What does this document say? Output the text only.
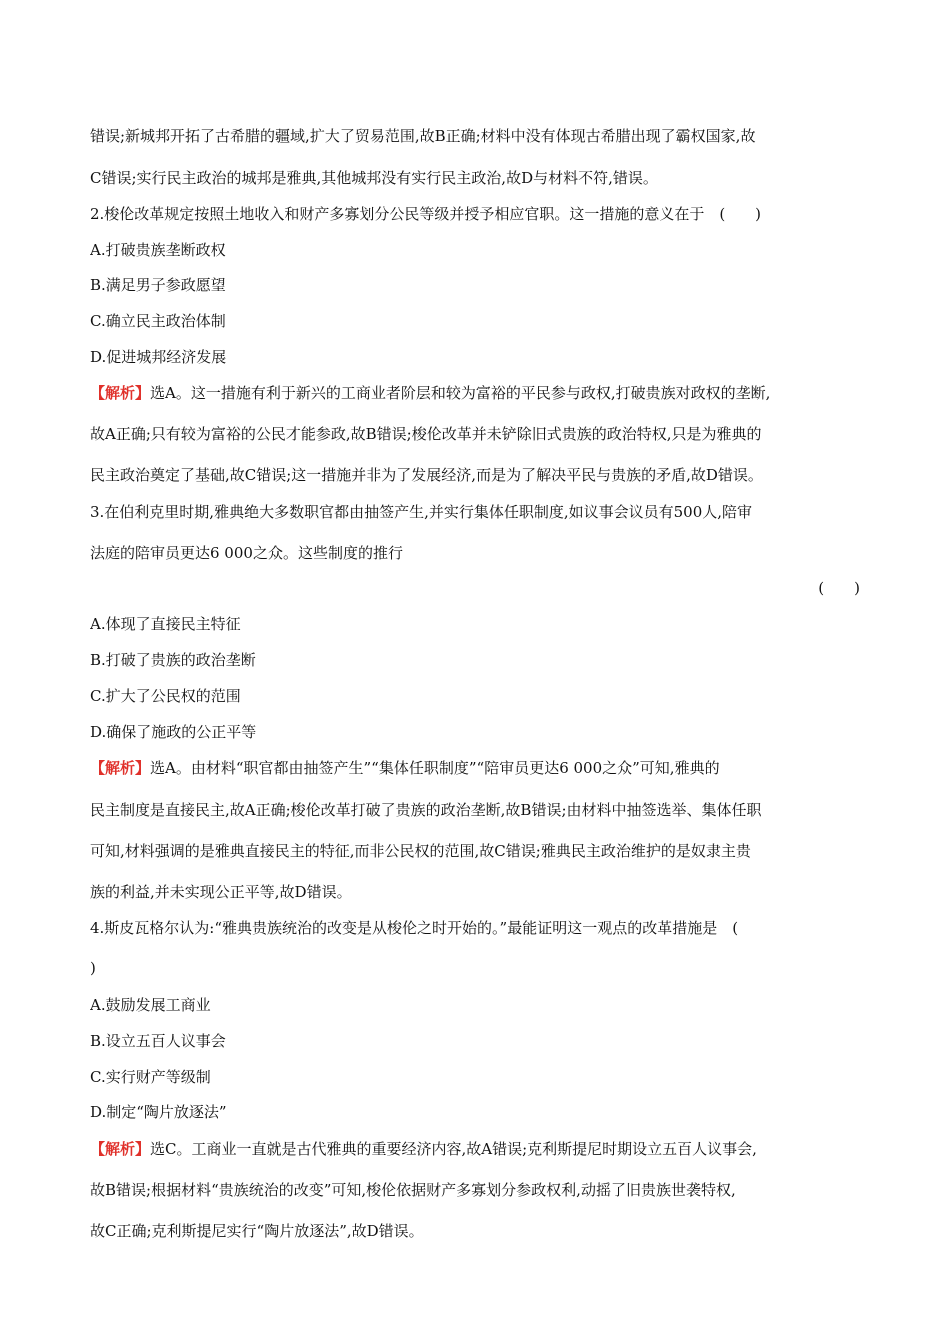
错误;新城邦开拓了古希腊的疆域,扩大了贸易范围,故B正确;材料中没有体现古希腊出现了霸权国家,故
C错误;实行民主政治的城邦是雅典,其他城邦没有实行民主政治,故D与材料不符,错误。
2.梭伦改革规定按照土地收入和财产多寡划分公民等级并授予相应官职。这一措施的意义在于　(　　)
A.打破贵族垄断政权
B.满足男子参政愿望
C.确立民主政治体制
D.促进城邦经济发展
【解析】选A。这一措施有利于新兴的工商业者阶层和较为富裕的平民参与政权,打破贵族对政权的垄断,
故A正确;只有较为富裕的公民才能参政,故B错误;梭伦改革并未铲除旧式贵族的政治特权,只是为雅典的
民主政治奠定了基础,故C错误;这一措施并非为了发展经济,而是为了解决平民与贵族的矛盾,故D错误。
3.在伯利克里时期,雅典绝大多数职官都由抽签产生,并实行集体任职制度,如议事会议员有500人,陪审
法庭的陪审员更达6 000之众。这些制度的推行
(　　)
A.体现了直接民主特征
B.打破了贵族的政治垄断
C.扩大了公民权的范围
D.确保了施政的公正平等
【解析】选A。由材料“职官都由抽签产生”“集体任职制度”“陪审员更达6 000之众”可知,雅典的
民主制度是直接民主,故A正确;梭伦改革打破了贵族的政治垄断,故B错误;由材料中抽签选举、集体任职
可知,材料强调的是雅典直接民主的特征,而非公民权的范围,故C错误;雅典民主政治维护的是奴隶主贵
族的利益,并未实现公正平等,故D错误。
4.斯皮瓦格尔认为:“雅典贵族统治的改变是从梭伦之时开始的。”最能证明这一观点的改革措施是　(
)
A.鼓励发展工商业
B.设立五百人议事会
C.实行财产等级制
D.制定“陶片放逐法”
【解析】选C。工商业一直就是古代雅典的重要经济内容,故A错误;克利斯提尼时期设立五百人议事会,
故B错误;根据材料“贵族统治的改变”可知,梭伦依据财产多寡划分参政权利,动摇了旧贵族世袭特权,
故C正确;克利斯提尼实行“陶片放逐法”,故D错误。
